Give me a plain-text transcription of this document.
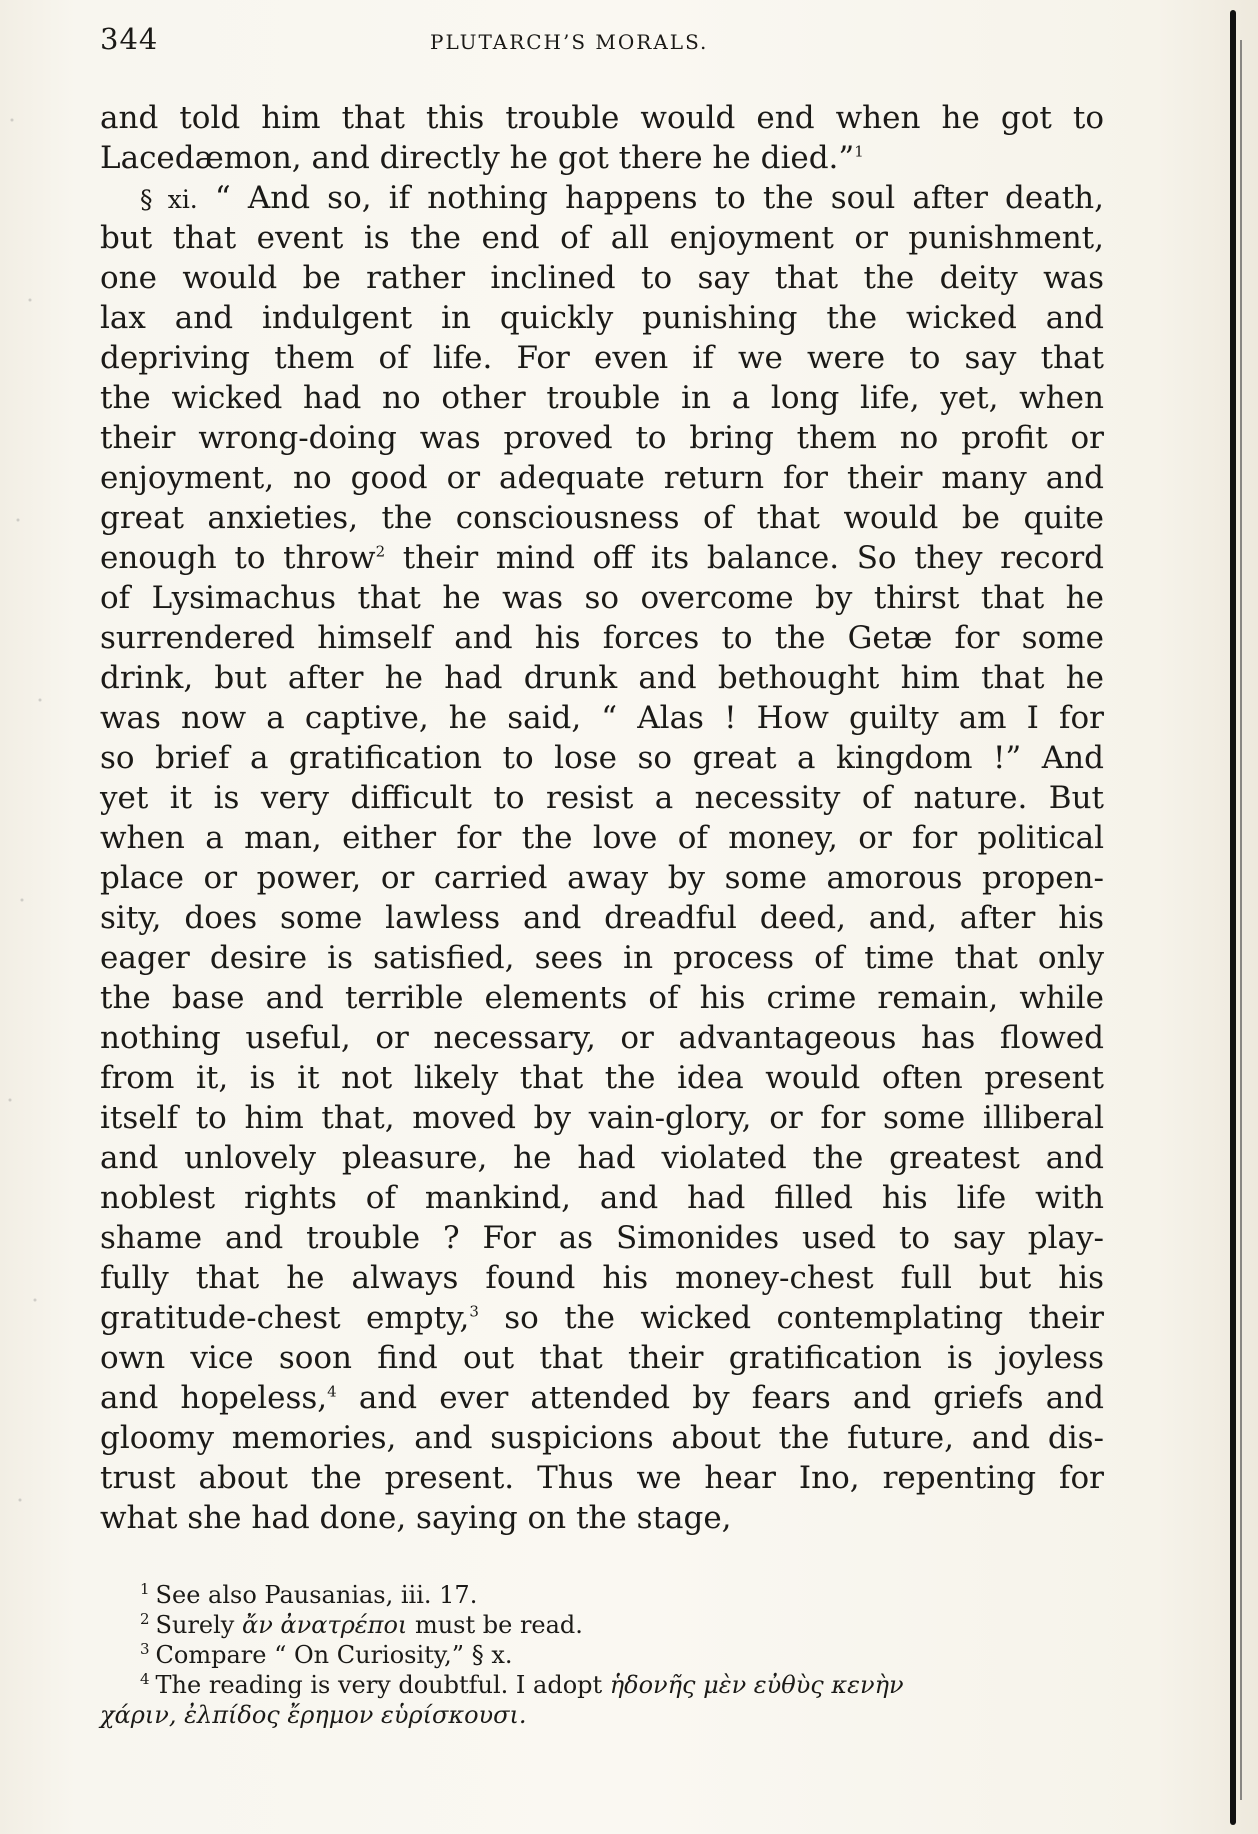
344	PLUTARCH’S MORALS.
and told him that this trouble would end when he got to
Lacedæmon, and directly he got there he died.”$^1$
§ xi. “ And so, if nothing happens to the soul after death,
but that event is the end of all enjoyment or punishment,
one would be rather inclined to say that the deity was
lax and indulgent in quickly punishing the wicked and
depriving them of life. For even if we were to say that
the wicked had no other trouble in a long life, yet, when
their wrong-doing was proved to bring them no profit or
enjoyment, no good or adequate return for their many and
great anxieties, the consciousness of that would be quite
enough to throw$^2$ their mind off its balance. So they record
of Lysimachus that he was so overcome by thirst that he
surrendered himself and his forces to the Getæ for some
drink, but after he had drunk and bethought him that he
was now a captive, he said, “ Alas ! How guilty am I for
so brief a gratification to lose so great a kingdom !” And
yet it is very difficult to resist a necessity of nature. But
when a man, either for the love of money, or for political
place or power, or carried away by some amorous propen-
sity, does some lawless and dreadful deed, and, after his
eager desire is satisfied, sees in process of time that only
the base and terrible elements of his crime remain, while
nothing useful, or necessary, or advantageous has flowed
from it, is it not likely that the idea would often present
itself to him that, moved by vain-glory, or for some illiberal
and unlovely pleasure, he had violated the greatest and
noblest rights of mankind, and had filled his life with
shame and trouble ? For as Simonides used to say play-
fully that he always found his money-chest full but his
gratitude-chest empty,$^3$ so the wicked contemplating their
own vice soon find out that their gratification is joyless
and hopeless,$^4$ and ever attended by fears and griefs and
gloomy memories, and suspicions about the future, and dis-
trust about the present. Thus we hear Ino, repenting for
what she had done, saying on the stage,
$^1$ See also Pausanias, iii. 17.
$^2$ Surely ἄν ἀνατρέποι must be read.
$^3$ Compare “ On Curiosity,” § x.
$^4$ The reading is very doubtful. I adopt ἡδονῆς μὲν εὐθὺς κενὴν
χάριν, ἐλπίδος ἔρημον εὑρίσκουσι.
